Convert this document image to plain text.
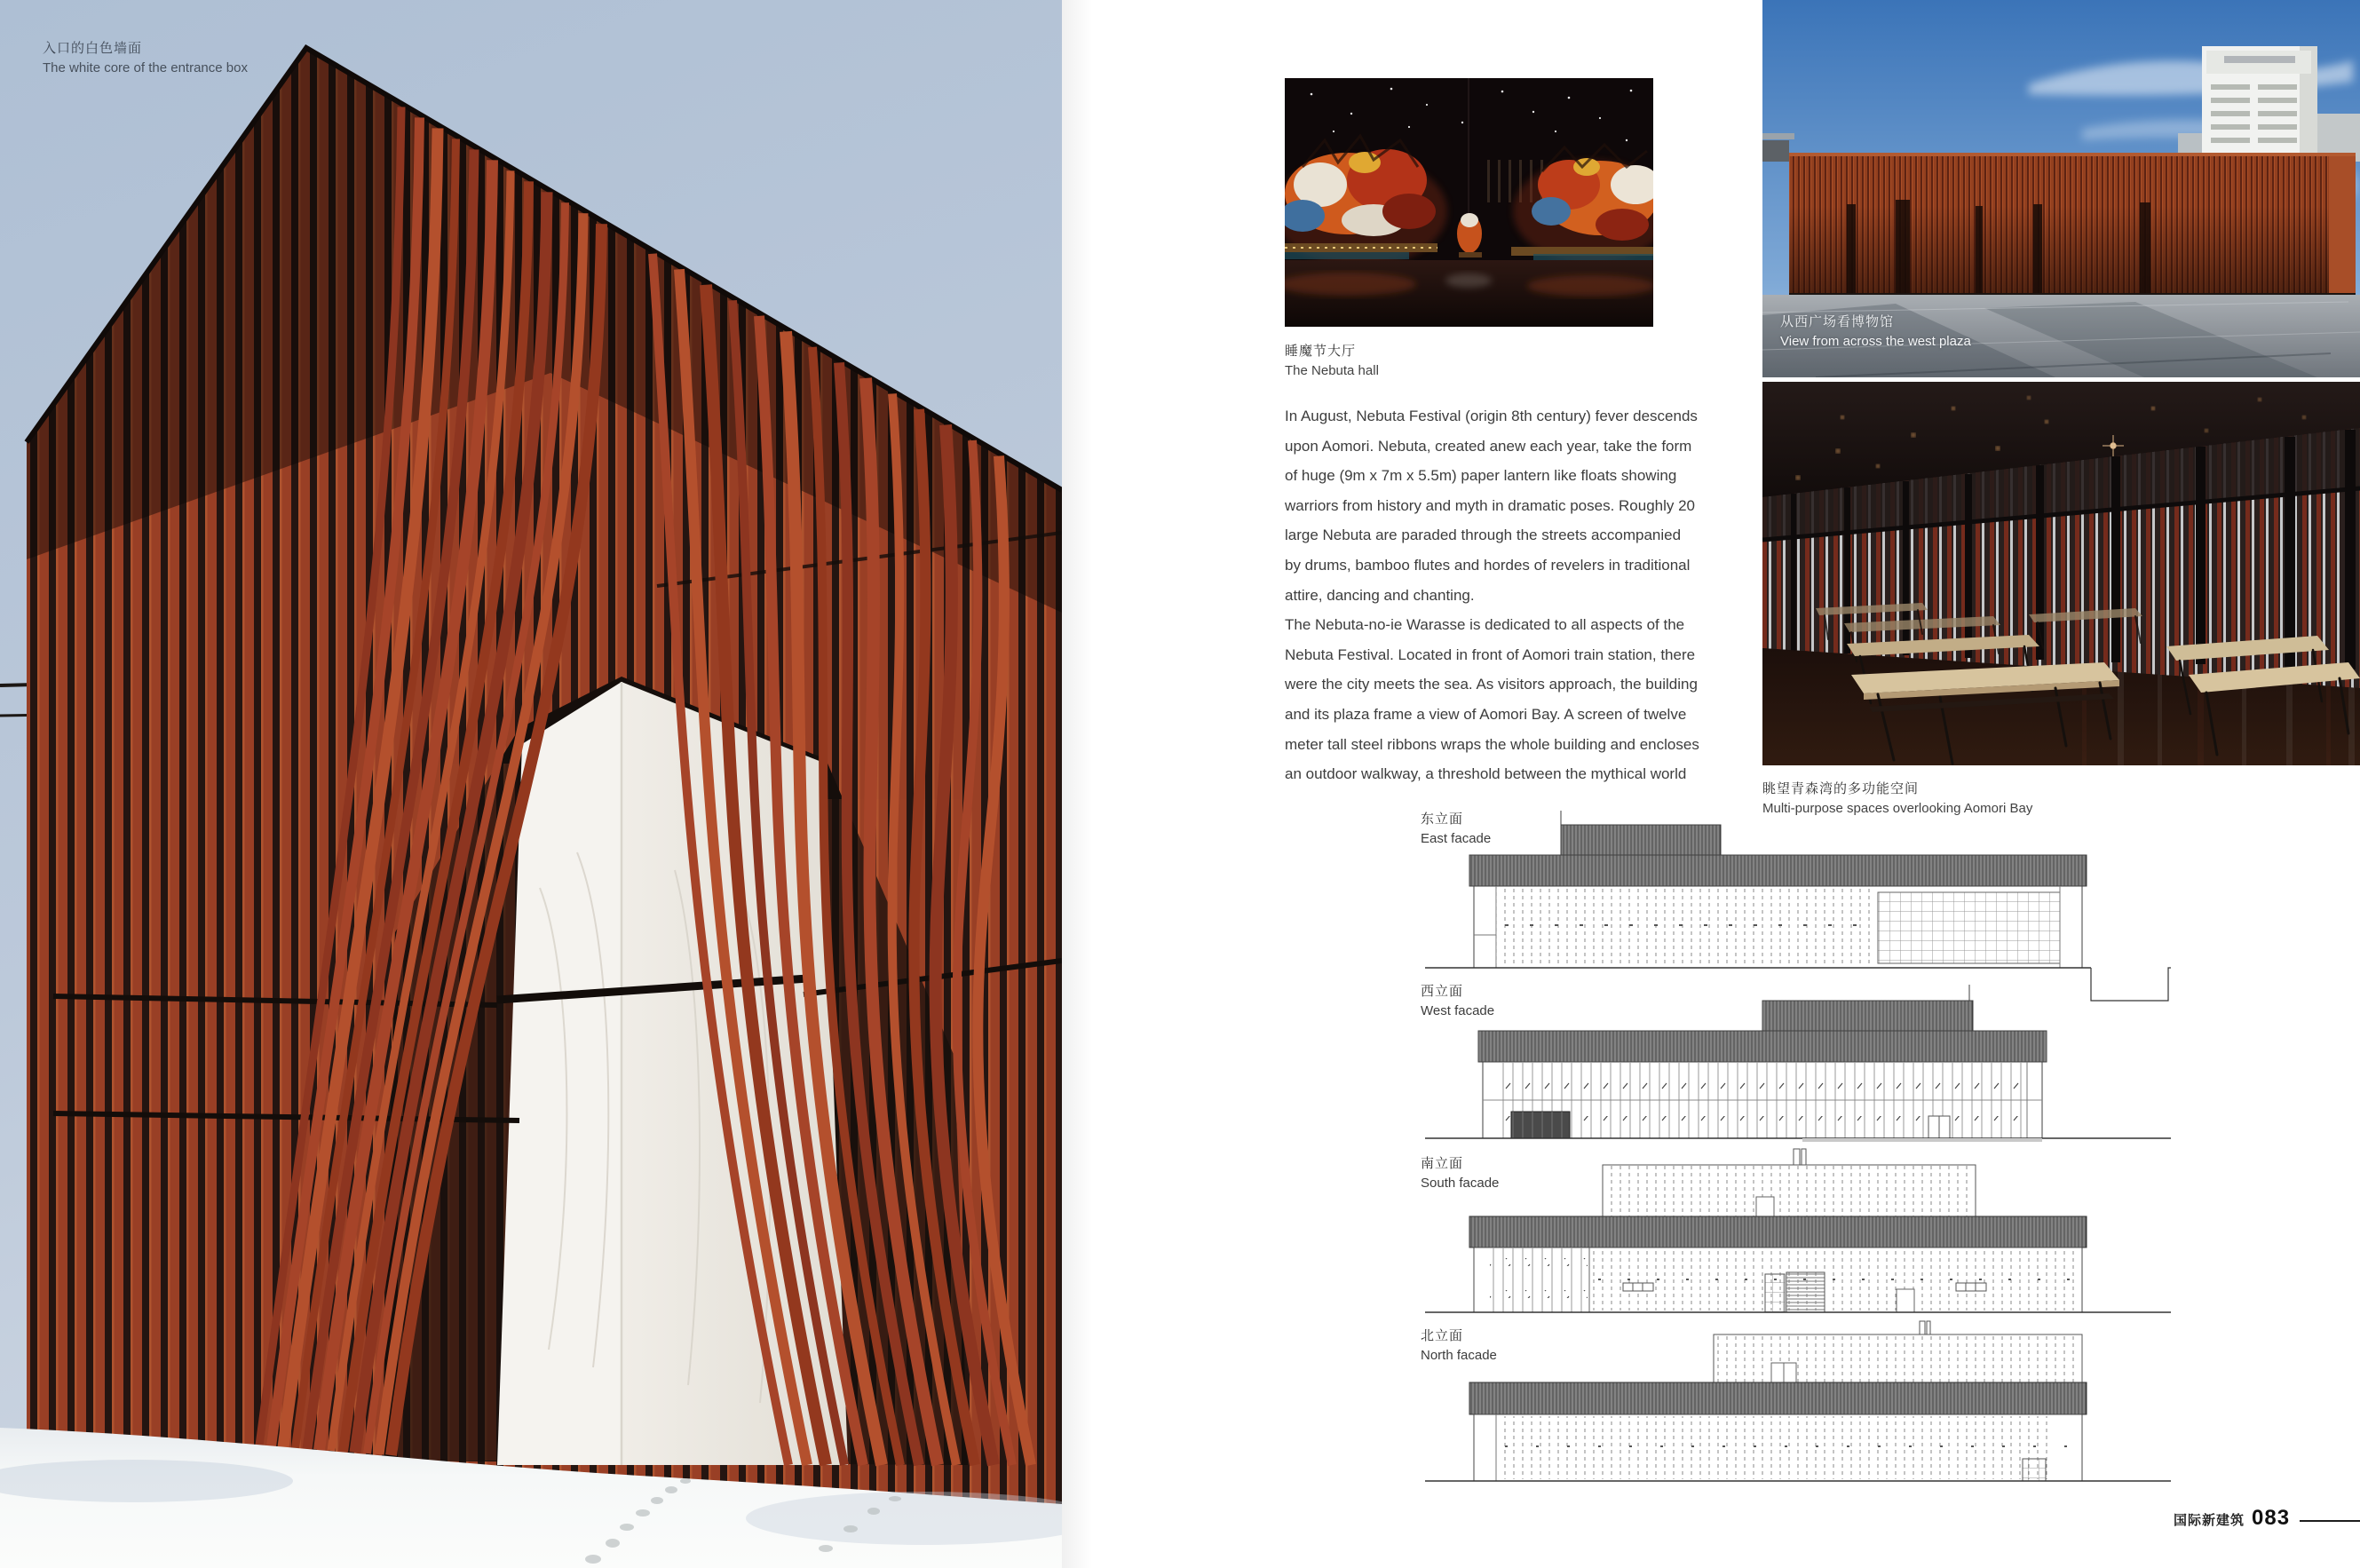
入口的白色墙面
The white core of the entrance box
睡魔节大厅
The Nebuta hall
In August, Nebuta Festival (origin 8th century) fever descends
upon Aomori. Nebuta, created anew each year, take the form
of huge (9m x 7m x 5.5m) paper lantern like floats showing
warriors from history and myth in dramatic poses. Roughly 20
large Nebuta are paraded through the streets accompanied
by drums, bamboo flutes and hordes of revelers in traditional
attire, dancing and chanting.
The Nebuta-no-ie Warasse is dedicated to all aspects of the
Nebuta Festival. Located in front of Aomori train station, there
were the city meets the sea. As visitors approach, the building
and its plaza frame a view of Aomori Bay. A screen of twelve
meter tall steel ribbons wraps the whole building and encloses
an outdoor walkway, a threshold between the mythical world
从西广场看博物馆
View from across the west plaza
眺望青森湾的多功能空间
Multi-purpose spaces overlooking Aomori Bay
东立面
East facade
西立面
West facade
南立面
South facade
北立面
North facade
国际新建筑 083
